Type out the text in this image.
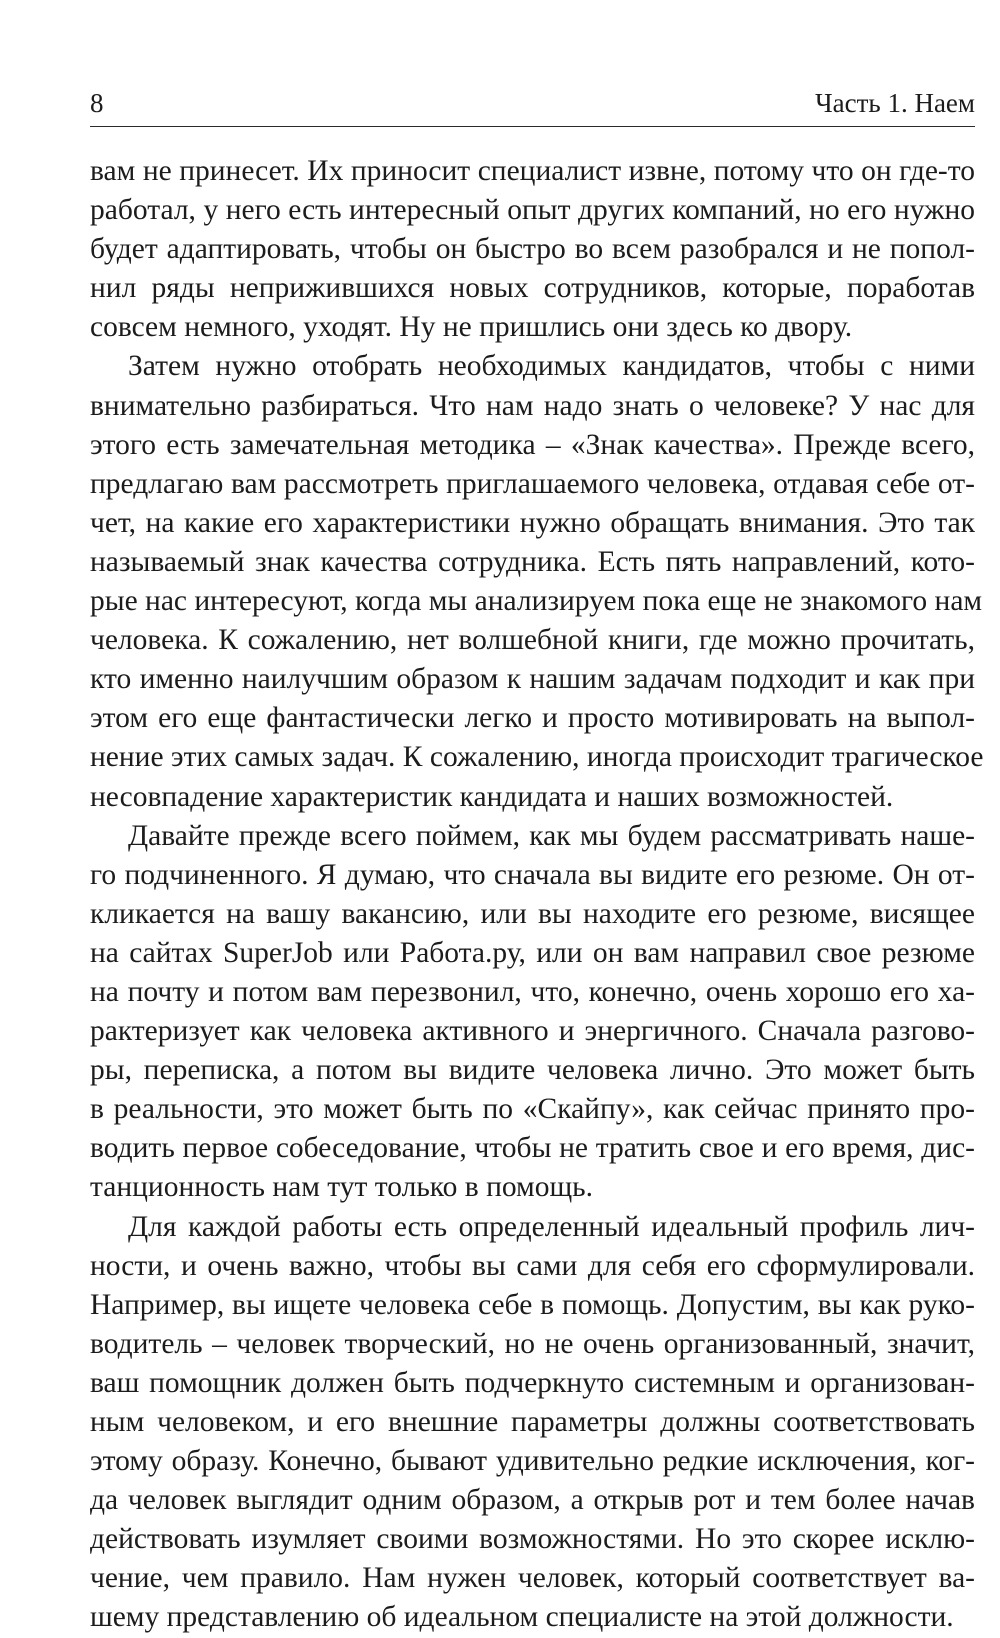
8	Часть 1. Наем
вам не принесет. Их приносит специалист извне, потому что он где-то
работал, у него есть интересный опыт других компаний, но его нужно
будет адаптировать, чтобы он быстро во всем разобрался и не попол-
нил ряды неприжившихся новых сотрудников, которые, поработав
совсем немного, уходят. Ну не пришлись они здесь ко двору.
Затем нужно отобрать необходимых кандидатов, чтобы с ними
внимательно разбираться. Что нам надо знать о человеке? У нас для
этого есть замечательная методика – «Знак качества». Прежде всего,
предлагаю вам рассмотреть приглашаемого человека, отдавая себе от-
чет, на какие его характеристики нужно обращать внимания. Это так
называемый знак качества сотрудника. Есть пять направлений, кото-
рые нас интересуют, когда мы анализируем пока еще не знакомого нам
человека. К сожалению, нет волшебной книги, где можно прочитать,
кто именно наилучшим образом к нашим задачам подходит и как при
этом его еще фантастически легко и просто мотивировать на выпол-
нение этих самых задач. К сожалению, иногда происходит трагическое
несовпадение характеристик кандидата и наших возможностей.
Давайте прежде всего поймем, как мы будем рассматривать наше-
го подчиненного. Я думаю, что сначала вы видите его резюме. Он от-
кликается на вашу вакансию, или вы находите его резюме, висящее
на сайтах SuperJob или Работа.ру, или он вам направил свое резюме
на почту и потом вам перезвонил, что, конечно, очень хорошо его ха-
рактеризует как человека активного и энергичного. Сначала разгово-
ры, переписка, а потом вы видите человека лично. Это может быть
в реальности, это может быть по «Скайпу», как сейчас принято про-
водить первое собеседование, чтобы не тратить свое и его время, дис-
танционность нам тут только в помощь.
Для каждой работы есть определенный идеальный профиль лич-
ности, и очень важно, чтобы вы сами для себя его сформулировали.
Например, вы ищете человека себе в помощь. Допустим, вы как руко-
водитель – человек творческий, но не очень организованный, значит,
ваш помощник должен быть подчеркнуто системным и организован-
ным человеком, и его внешние параметры должны соответствовать
этому образу. Конечно, бывают удивительно редкие исключения, ког-
да человек выглядит одним образом, а открыв рот и тем более начав
действовать изумляет своими возможностями. Но это скорее исклю-
чение, чем правило. Нам нужен человек, который соответствует ва-
шему представлению об идеальном специалисте на этой должности.
